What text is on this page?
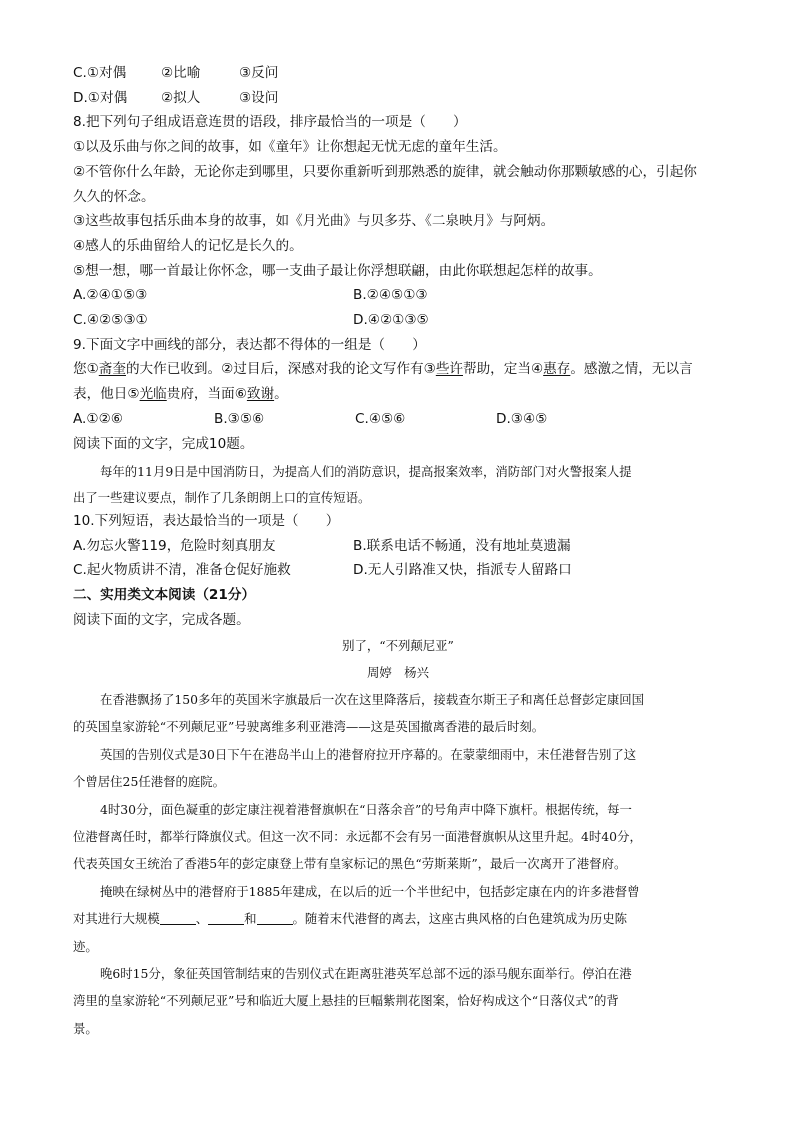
C.①对偶	②比喻	③反问
D.①对偶 ②拟人	③设问
8.把下列句子组成语意连贯的语段，排序最恰当的一项是（　　）
①以及乐曲与你之间的故事，如《童年》让你想起无忧无虑的童年生活。
②不管你什么年龄，无论你走到哪里，只要你重新听到那熟悉的旋律，就会触动你那颗敏感的心，引起你
久久的怀念。
③这些故事包括乐曲本身的故事，如《月光曲》与贝多芬、《二泉映月》与阿炳。
④感人的乐曲留给人的记忆是长久的。
⑤想一想，哪一首最让你怀念，哪一支曲子最让你浮想联翩，由此你联想起怎样的故事。
A.②④①⑤③	B.②④⑤①③
C.④②⑤③①	D.④②①③⑤
9.下面文字中画线的部分，表达都不得体的一组是（　　）
您①斋奎的大作已收到。②过目后，深感对我的论文写作有③些许帮助，定当④惠存。感激之情，无以言
表，他日⑤光临贵府，当面⑥致谢。
A.①②⑥	B.③⑤⑥	C.④⑤⑥	D.③④⑤
阅读下面的文字，完成10题。
每年的11月9日是中国消防日，为提高人们的消防意识，提高报案效率，消防部门对火警报案人提
出了一些建议要点，制作了几条朗朗上口的宣传短语。
10.下列短语，表达最恰当的一项是（　　）
A.勿忘火警119，危险时刻真朋友	B.联系电话不畅通，没有地址莫遗漏
C.起火物质讲不清，准备仓促好施救	D.无人引路准又快，指派专人留路口
二、实用类文本阅读（21分）
阅读下面的文字，完成各题。
别了，“不列颠尼亚”
周婷　杨兴
在香港飘扬了150多年的英国米字旗最后一次在这里降落后，接载查尔斯王子和离任总督彭定康回国
的英国皇家游轮“不列颠尼亚”号驶离维多利亚港湾——这是英国撤离香港的最后时刻。
英国的告别仪式是30日下午在港岛半山上的港督府拉开序幕的。在蒙蒙细雨中，末任港督告别了这
个曾居住25任港督的庭院。
4时30分，面色凝重的彭定康注视着港督旗帜在“日落余音”的号角声中降下旗杆。根据传统，每一
位港督离任时，都举行降旗仪式。但这一次不同：永远都不会有另一面港督旗帜从这里升起。4时40分，
代表英国女王统治了香港5年的彭定康登上带有皇家标记的黑色“劳斯莱斯”，最后一次离开了港督府。
掩映在绿树丛中的港督府于1885年建成，在以后的近一个半世纪中，包括彭定康在内的许多港督曾
对其进行大规模	、	和	。随着末代港督的离去，这座古典风格的白色建筑成为历史陈
迹。
晚6时15分，象征英国管制结束的告别仪式在距离驻港英军总部不远的添马舰东面举行。停泊在港
湾里的皇家游轮“不列颠尼亚”号和临近大厦上悬挂的巨幅紫荆花图案，恰好构成这个“日落仪式”的背
景。
